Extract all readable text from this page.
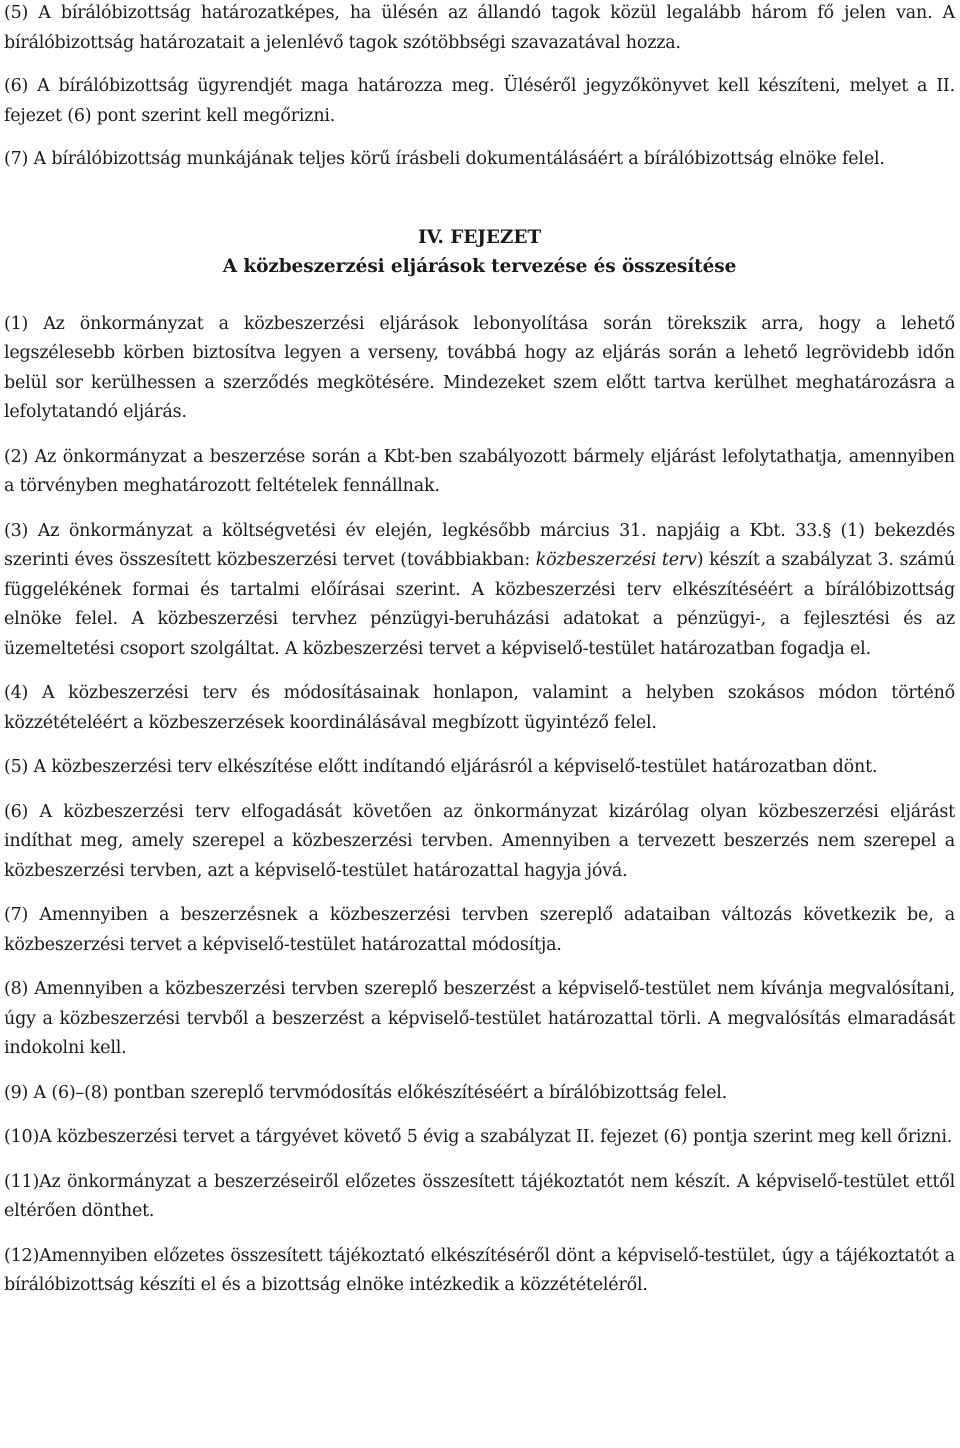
(5) A bírálóbizottság határozatképes, ha ülésén az állandó tagok közül legalább három fő jelen van. A bírálóbizottság határozatait a jelenlévő tagok szótöbbségi szavazatával hozza.

(6) A bírálóbizottság ügyrendjét maga határozza meg. Üléséről jegyzőkönyvet kell készíteni, melyet a II. fejezet (6) pont szerint kell megőrizni.

(7) A bírálóbizottság munkájának teljes körű írásbeli dokumentálásáért a bírálóbizottság elnöke felel.

IV. FEJEZET
A közbeszerzési eljárások tervezése és összesítése

(1) Az önkormányzat a közbeszerzési eljárások lebonyolítása során törekszik arra, hogy a lehető legszélesebb körben biztosítva legyen a verseny, továbbá hogy az eljárás során a lehető legrövidebb időn belül sor kerülhessen a szerződés megkötésére. Mindezeket szem előtt tartva kerülhet meghatározásra a lefolytatandó eljárás.

(2) Az önkormányzat a beszerzése során a Kbt-ben szabályozott bármely eljárást lefolytathatja, amennyiben a törvényben meghatározott feltételek fennállnak.

(3) Az önkormányzat a költségvetési év elején, legkésőbb március 31. napjáig a Kbt. 33.§ (1) bekezdés szerinti éves összesített közbeszerzési tervet (továbbiakban: közbeszerzési terv) készít a szabályzat 3. számú függelékének formai és tartalmi előírásai szerint. A közbeszerzési terv elkészítéséért a bírálóbizottság elnöke felel. A közbeszerzési tervhez pénzügyi-beruházási adatokat a pénzügyi-, a fejlesztési és az üzemeltetési csoport szolgáltat. A közbeszerzési tervet a képviselő-testület határozatban fogadja el.

(4) A közbeszerzési terv és módosításainak honlapon, valamint a helyben szokásos módon történő közzétételéért a közbeszerzések koordinálásával megbízott ügyintéző felel.

(5) A közbeszerzési terv elkészítése előtt indítandó eljárásról a képviselő-testület határozatban dönt.

(6) A közbeszerzési terv elfogadását követően az önkormányzat kizárólag olyan közbeszerzési eljárást indíthat meg, amely szerepel a közbeszerzési tervben. Amennyiben a tervezett beszerzés nem szerepel a közbeszerzési tervben, azt a képviselő-testület határozattal hagyja jóvá.

(7) Amennyiben a beszerzésnek a közbeszerzési tervben szereplő adataiban változás következik be, a közbeszerzési tervet a képviselő-testület határozattal módosítja.

(8) Amennyiben a közbeszerzési tervben szereplő beszerzést a képviselő-testület nem kívánja megvalósítani, úgy a közbeszerzési tervből a beszerzést a képviselő-testület határozattal törli. A megvalósítás elmaradását indokolni kell.

(9) A (6)–(8) pontban szereplő tervmódosítás előkészítéséért a bírálóbizottság felel.

(10)A közbeszerzési tervet a tárgyévet követő 5 évig a szabályzat II. fejezet (6) pontja szerint meg kell őrizni.

(11)Az önkormányzat a beszerzéseiről előzetes összesített tájékoztatót nem készít. A képviselő-testület ettől eltérően dönthet.

(12)Amennyiben előzetes összesített tájékoztató elkészítéséről dönt a képviselő-testület, úgy a tájékoztatót a bírálóbizottság készíti el és a bizottság elnöke intézkedik a közzétételéről.
